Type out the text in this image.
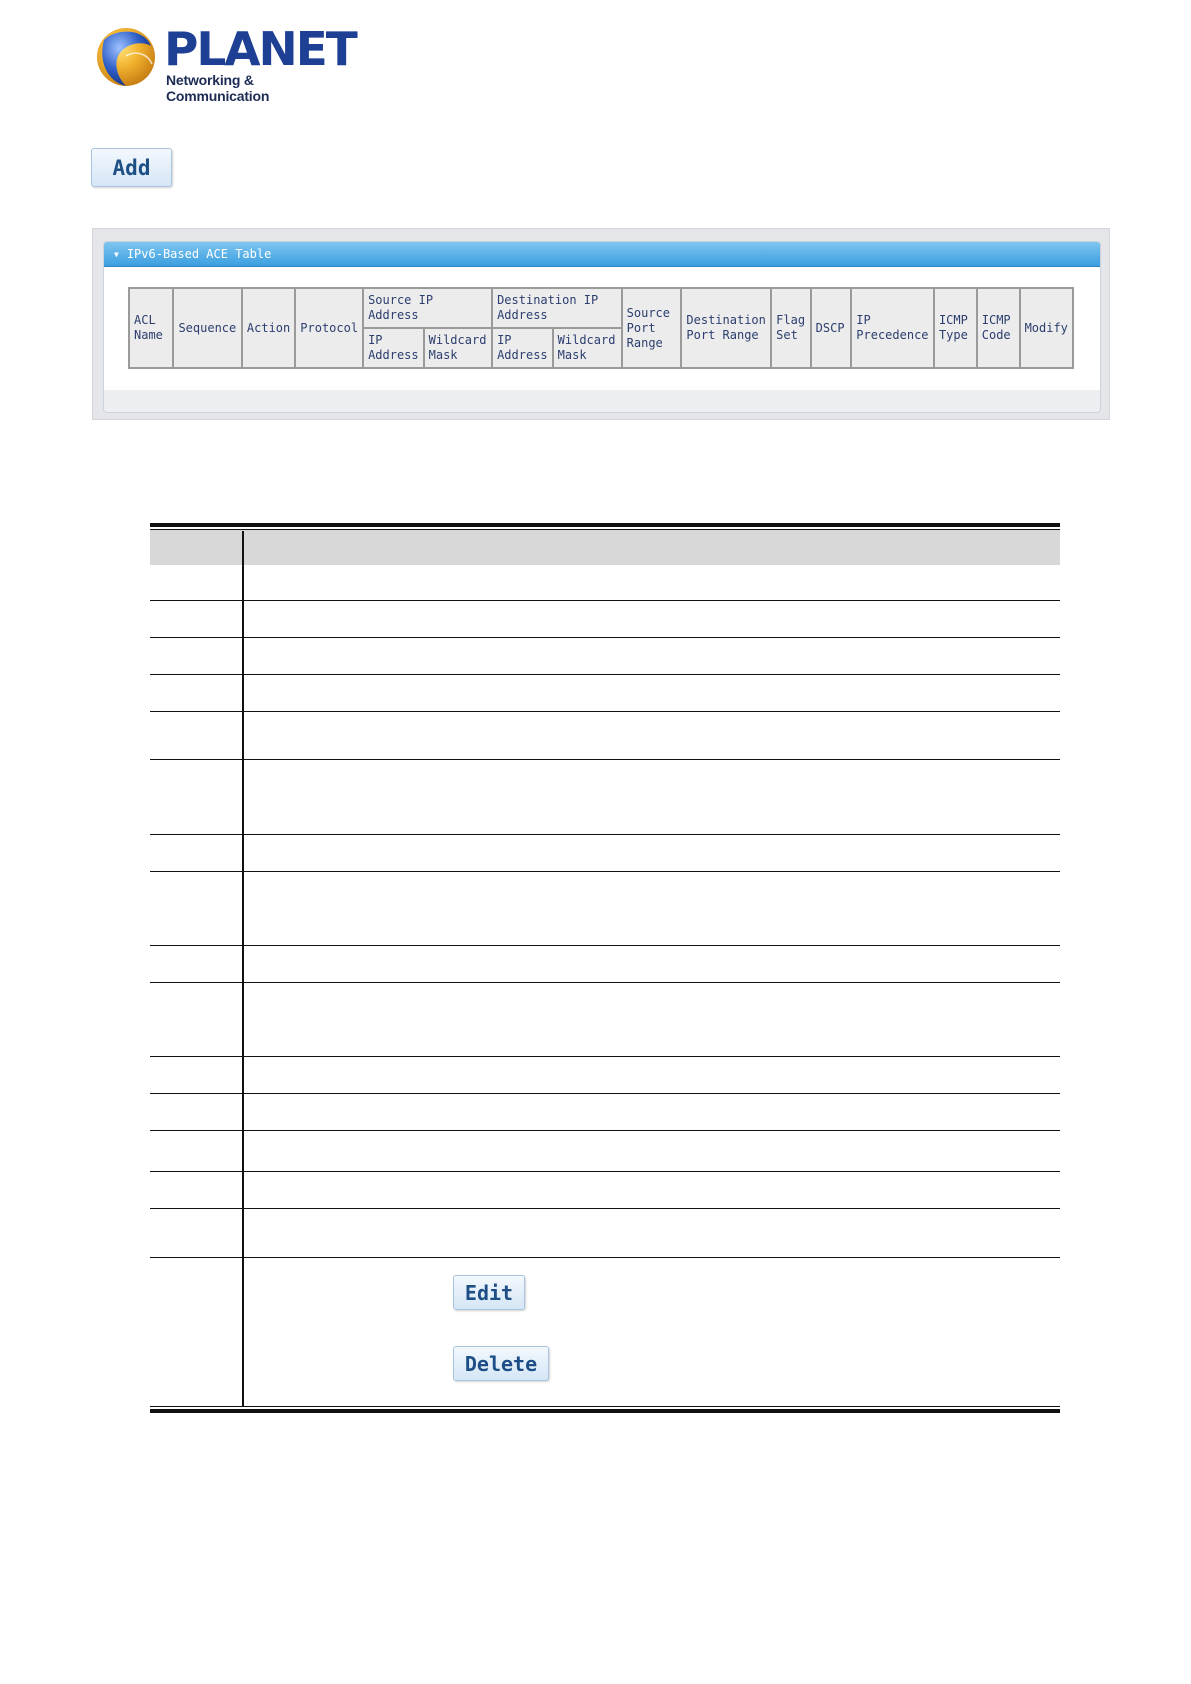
PLANET
Networking & Communication
Add
▼ IPv6-Based ACE Table
ACL Name	Sequence	Action	Protocol	Source IP Address		Destination IP Address		Source Port Range	Destination Port Range	Flag Set	DSCP	IP Precedence	ICMP Type	ICMP Code	Modify
				IP Address	Wildcard Mask	IP Address	Wildcard Mask								
Edit
Delete
